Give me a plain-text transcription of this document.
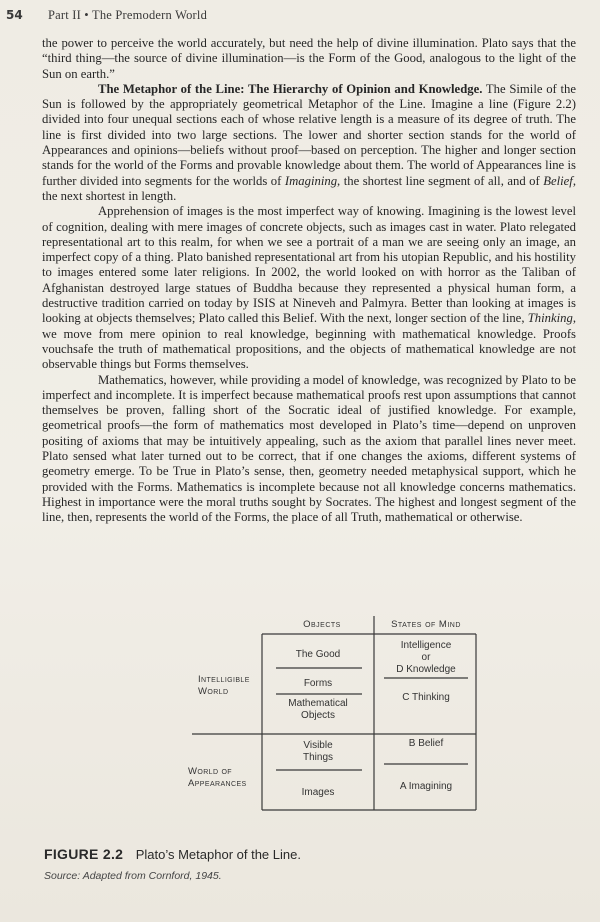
54 Part II • The Premodern World

the power to perceive the world accurately, but need the help of divine illumination. Plato says that the “third thing—the source of divine illumination—is the Form of the Good, analogous to the light of the Sun on earth.”

The Metaphor of the Line: The Hierarchy of Opinion and Knowledge. The Simile of the Sun is followed by the appropriately geometrical Metaphor of the Line. Imagine a line (Figure 2.2) divided into four unequal sections each of whose relative length is a measure of its degree of truth. The line is first divided into two large sections. The lower and shorter section stands for the world of Appearances and opinions—beliefs without proof—based on perception. The higher and longer section stands for the world of the Forms and provable knowledge about them. The world of Appearances line is further divided into segments for the worlds of Imagining, the shortest line segment of all, and of Belief, the next shortest in length.

Apprehension of images is the most imperfect way of knowing. Imagining is the lowest level of cognition, dealing with mere images of concrete objects, such as images cast in water. Plato relegated representational art to this realm, for when we see a portrait of a man we are seeing only an image, an imperfect copy of a thing. Plato banished representational art from his utopian Republic, and his hostility to images entered some later religions. In 2002, the world looked on with horror as the Taliban of Afghanistan destroyed large statues of Buddha because they represented a physical human form, a destructive tradition carried on today by ISIS at Nineveh and Palmyra. Better than looking at images is looking at objects themselves; Plato called this Belief. With the next, longer section of the line, Thinking, we move from mere opinion to real knowledge, beginning with mathematical knowledge. Proofs vouchsafe the truth of mathematical propositions, and the objects of mathematical knowledge are not observable things but Forms themselves.

Mathematics, however, while providing a model of knowledge, was recognized by Plato to be imperfect and incomplete. It is imperfect because mathematical proofs rest upon assumptions that cannot themselves be proven, falling short of the Socratic ideal of justified knowledge. For example, geometrical proofs—the form of mathematics most developed in Plato’s time—depend on unproven positing of axioms that may be intuitively appealing, such as the axiom that parallel lines never meet. Plato sensed what later turned out to be correct, that if one changes the axioms, different systems of geometry emerge. To be True in Plato’s sense, then, geometry needed metaphysical support, which he provided with the Forms. Mathematics is incomplete because not all knowledge concerns mathematics. Highest in importance were the moral truths sought by Socrates. The highest and longest segment of the line, then, represents the world of the Forms, the place of all Truth, mathematical or otherwise.

Objects	States of Mind
Intelligible
World
World of
Appearances
The Good
Forms
Mathematical
Objects
Visible
Things
Images
Intelligence
or
D Knowledge
C Thinking
B Belief
A Imagining
FIGURE 2.2 Plato’s Metaphor of the Line.
Source: Adapted from Cornford, 1945.
